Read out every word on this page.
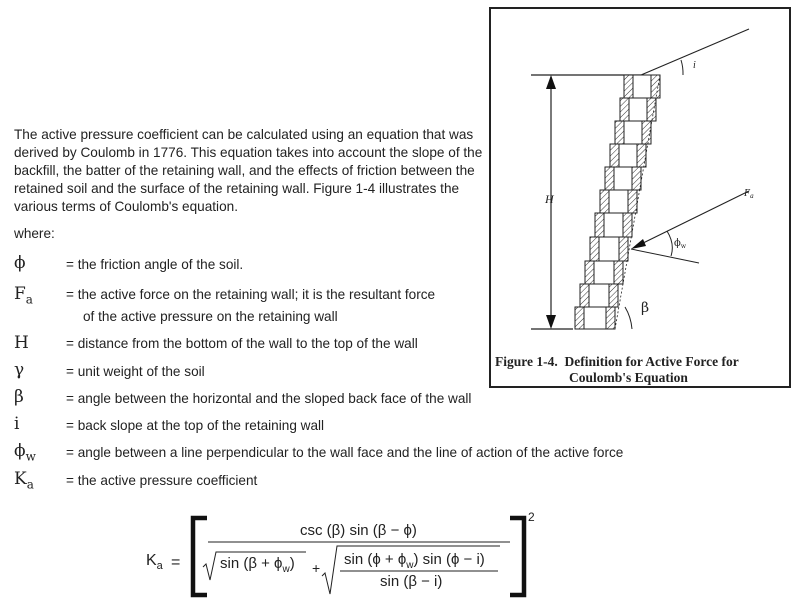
The active pressure coefficient can be calculated using an equation that was derived by Coulomb in 1776. This equation takes into account the slope of the backfill, the batter of the retaining wall, and the effects of friction between the retained soil and the surface of the retaining wall. Figure 1-4 illustrates the various terms of Coulomb's equation.
where:
ϕ	= the friction angle of the soil.
$F_a$	= the active force on the retaining wall; it is the resultant force
of the active pressure on the retaining wall
H	= distance from the bottom of the wall to the top of the wall
γ	= unit weight of the soil
β	= angle between the horizontal and the sloped back face of the wall
i	= back slope at the top of the retaining wall
$\phi_w$	= angle between a line perpendicular to the wall face and the line of action of the active force
$K_a$	= the active pressure coefficient
H
i
$F_a$
$\phi_w$
β
Figure 1-4. Definition for Active Force for
Coulomb's Equation
$K_a$ =
csc (β) sin (β − ϕ)
$\sin (\beta + \phi_w) + \sin (\phi + \phi_w)$ sin (ϕ − i)
sin (β − i)
2
